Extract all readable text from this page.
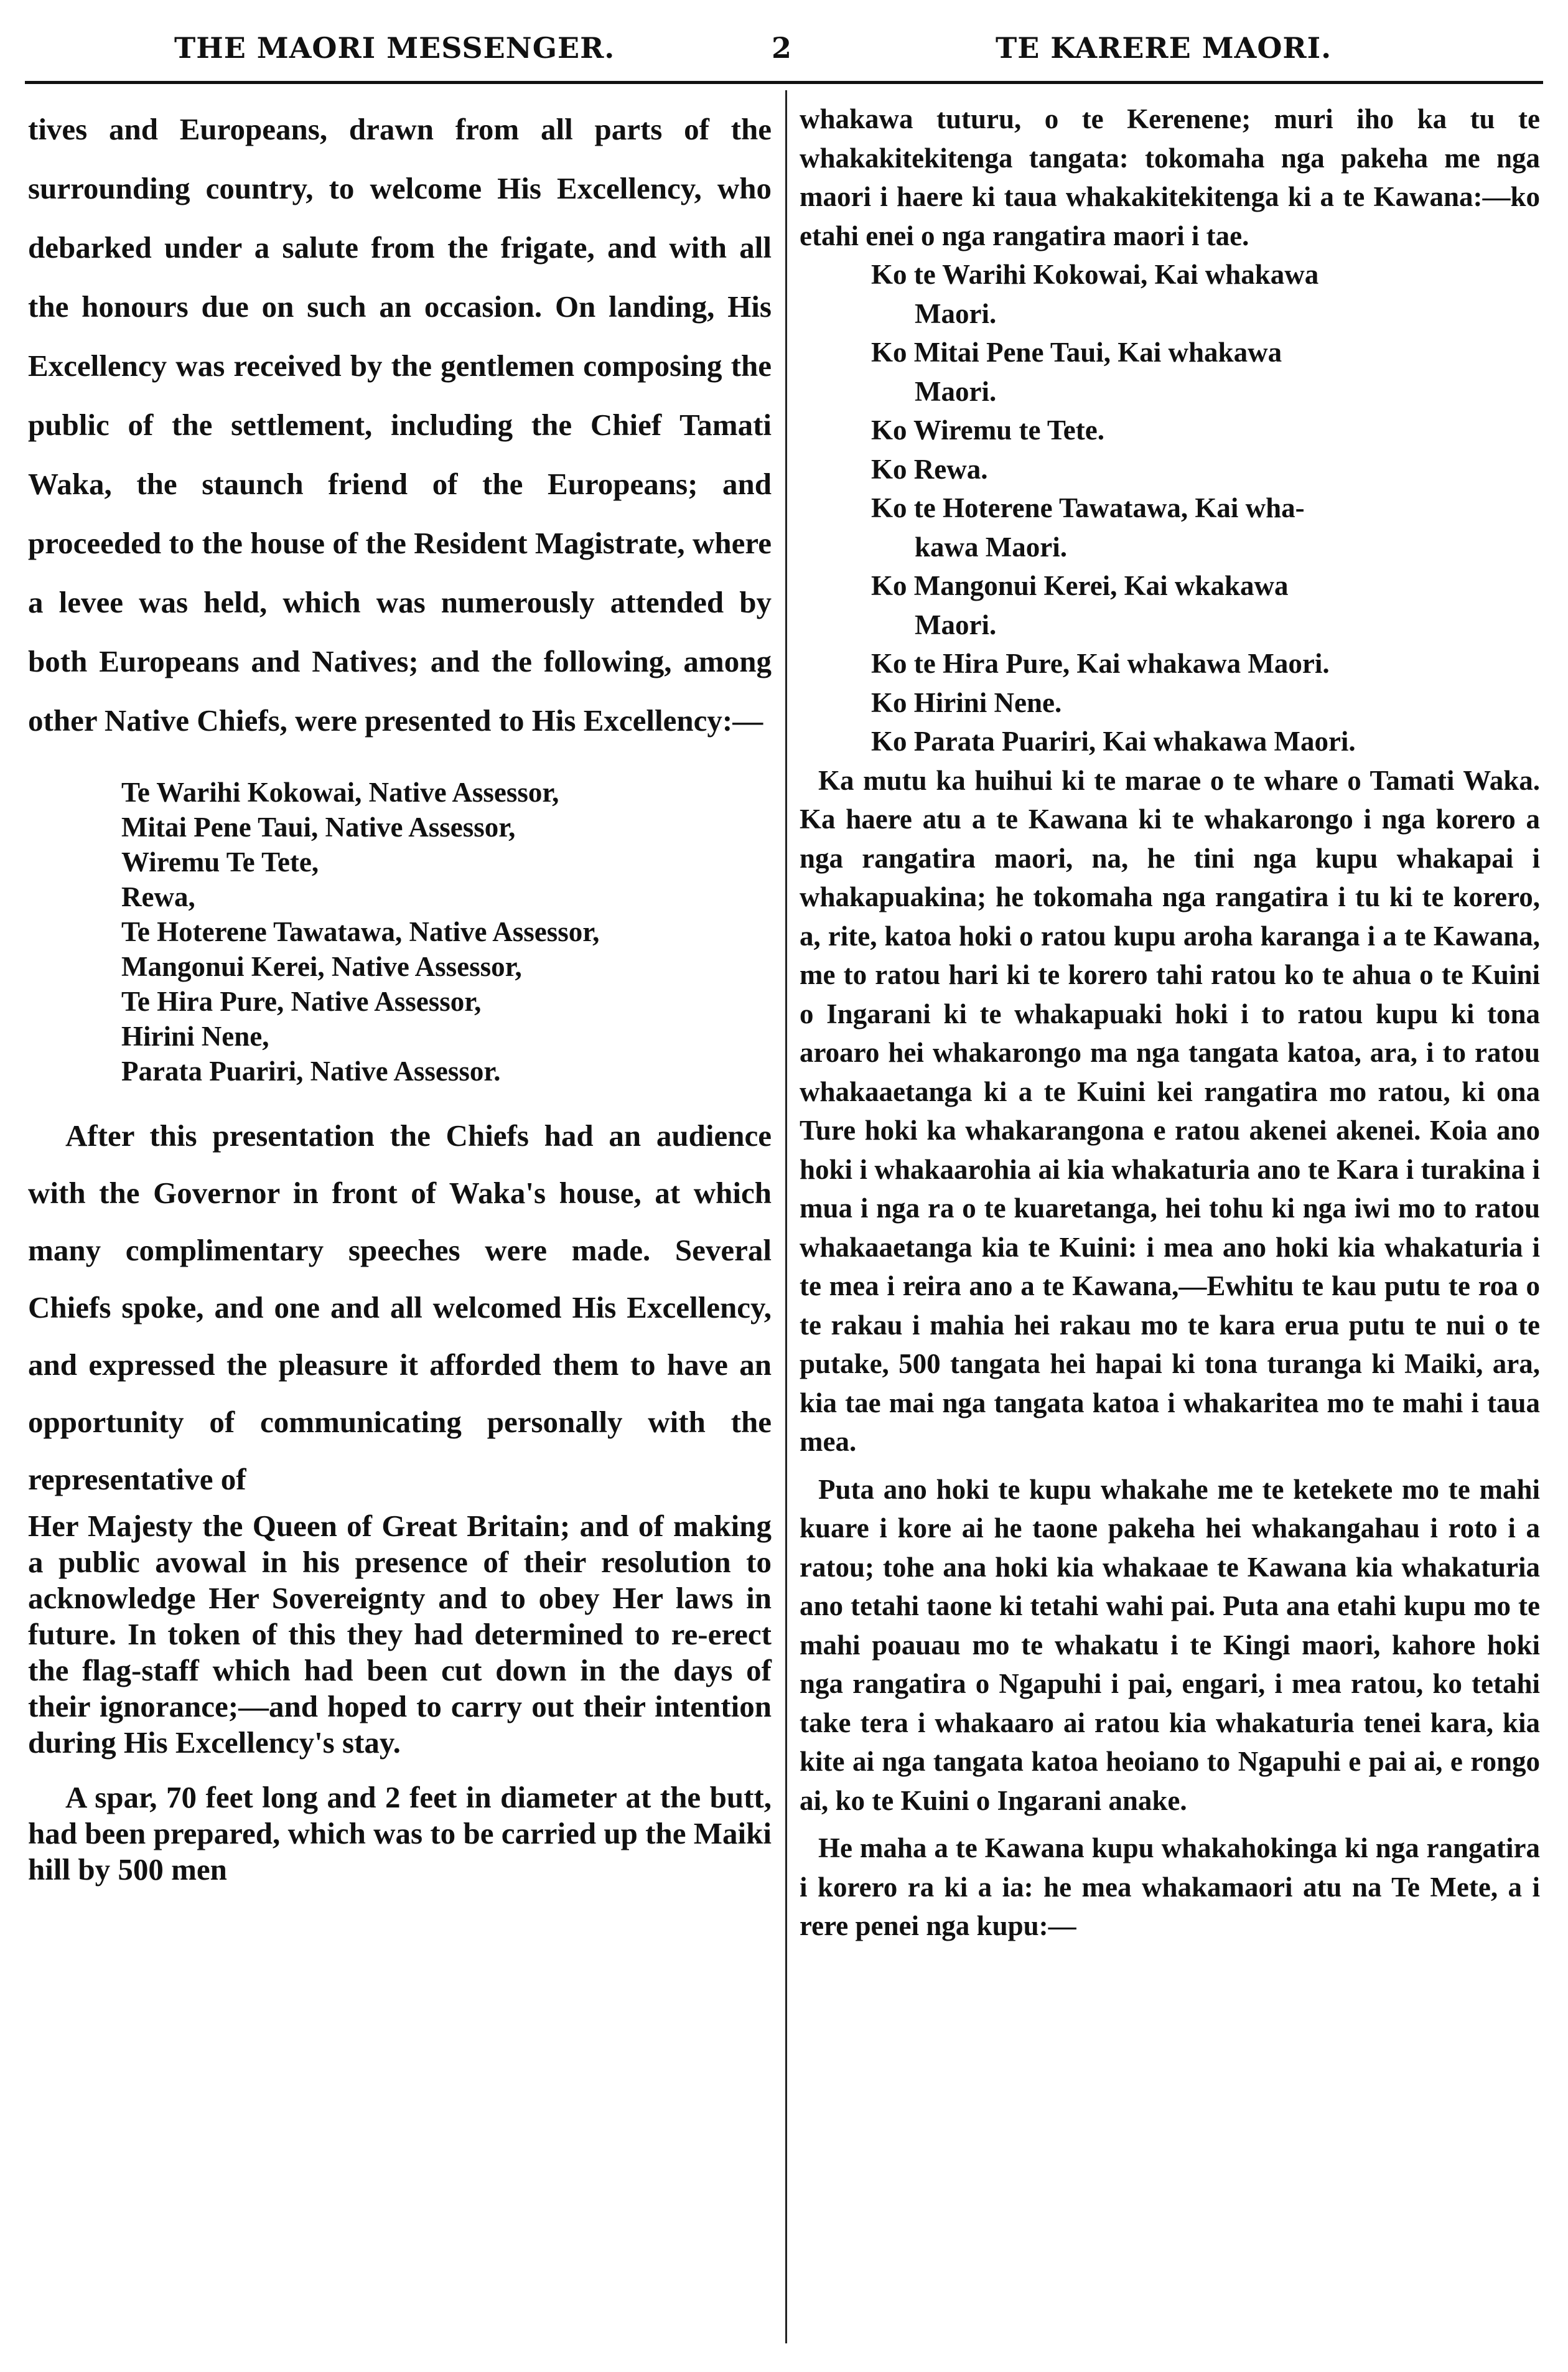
THE MAORI MESSENGER.	2	TE KARERE MAORI.

tives and Europeans, drawn from all parts of the surrounding country, to welcome His Excellency, who debarked under a salute from the frigate, and with all the honours due on such an occasion. On landing, His Excellency was received by the gentlemen composing the public of the settlement, including the Chief Tamati Waka, the staunch friend of the Europeans; and proceeded to the house of the Resident Magistrate, where a levee was held, which was numerously attended by both Europeans and Natives; and the following, among other Native Chiefs, were presented to His Excellency:—

Te Warihi Kokowai, Native Assessor,
Mitai Pene Taui, Native Assessor,
Wiremu Te Tete,
Rewa,
Te Hoterene Tawatawa, Native Assessor,
Mangonui Kerei, Native Assessor,
Te Hira Pure, Native Assessor,
Hirini Nene,
Parata Puariri, Native Assessor.

After this presentation the Chiefs had an audience with the Governor in front of Waka's house, at which many complimentary speeches were made. Several Chiefs spoke, and one and all welcomed His Excellency, and expressed the pleasure it afforded them to have an opportunity of communicating personally with the representative of

Her Majesty the Queen of Great Britain; and of making a public avowal in his presence of their resolution to acknowledge Her Sovereignty and to obey Her laws in future. In token of this they had determined to re-erect the flag-staff which had been cut down in the days of their ignorance;—and hoped to carry out their intention during His Excellency's stay.

A spar, 70 feet long and 2 feet in diameter at the butt, had been prepared, which was to be carried up the Maiki hill by 500 men

whakawa tuturu, o te Kerenene; muri iho ka tu te whakakitekitenga tangata: tokomaha nga pakeha me nga maori i haere ki taua whakakitekitenga ki a te Kawana:—ko etahi enei o nga rangatira maori i tae.

Ko te Warihi Kokowai, Kai whakawa
Maori.
Ko Mitai Pene Taui, Kai whakawa
Maori.
Ko Wiremu te Tete.
Ko Rewa.
Ko te Hoterene Tawatawa, Kai wha-
kawa Maori.
Ko Mangonui Kerei, Kai wkakawa
Maori.
Ko te Hira Pure, Kai whakawa Maori.
Ko Hirini Nene.
Ko Parata Puariri, Kai whakawa Maori.

Ka mutu ka huihui ki te marae o te whare o Tamati Waka. Ka haere atu a te Kawana ki te whakarongo i nga korero a nga rangatira maori, na, he tini nga kupu whakapai i whakapuakina; he tokomaha nga rangatira i tu ki te korero, a, rite, katoa hoki o ratou kupu aroha karanga i a te Kawana, me to ratou hari ki te korero tahi ratou ko te ahua o te Kuini o Ingarani ki te whakapuaki hoki i to ratou kupu ki tona aroaro hei whakarongo ma nga tangata katoa, ara, i to ratou whakaaetanga ki a te Kuini kei rangatira mo ratou, ki ona Ture hoki ka whakarangona e ratou akenei akenei. Koia ano hoki i whakaarohia ai kia whakaturia ano te Kara i turakina i mua i nga ra o te kuaretanga, hei tohu ki nga iwi mo to ratou whakaaetanga kia te Kuini: i mea ano hoki kia whakaturia i te mea i reira ano a te Kawana,—Ewhitu te kau putu te roa o te rakau i mahia hei rakau mo te kara erua putu te nui o te putake, 500 tangata hei hapai ki tona turanga ki Maiki, ara, kia tae mai nga tangata katoa i whakaritea mo te mahi i taua mea.

Puta ano hoki te kupu whakahe me te ketekete mo te mahi kuare i kore ai he taone pakeha hei whakangahau i roto i a ratou; tohe ana hoki kia whakaae te Kawana kia whakaturia ano tetahi taone ki tetahi wahi pai. Puta ana etahi kupu mo te mahi poauau mo te whakatu i te Kingi maori, kahore hoki nga rangatira o Ngapuhi i pai, engari, i mea ratou, ko tetahi take tera i whakaaro ai ratou kia whakaturia tenei kara, kia kite ai nga tangata katoa heoiano to Ngapuhi e pai ai, e rongo ai, ko te Kuini o Ingarani anake.

He maha a te Kawana kupu whakahokinga ki nga rangatira i korero ra ki a ia: he mea whakamaori atu na Te Mete, a i rere penei nga kupu:—
